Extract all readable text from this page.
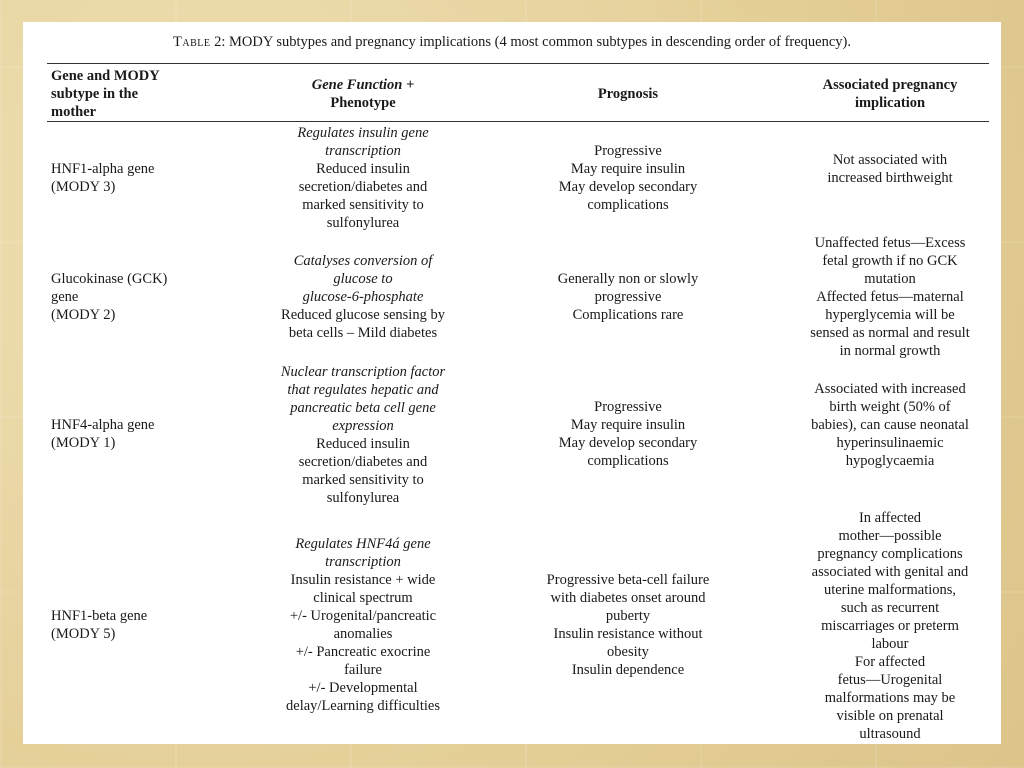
Table 2: MODY subtypes and pregnancy implications (4 most common subtypes in descending order of frequency).
Gene and MODY
subtype in the
mother
Gene Function +
Phenotype
Prognosis
Associated pregnancy
implication
HNF1-alpha gene
(MODY 3)
Regulates insulin gene
transcription
Reduced insulin
secretion/diabetes and
marked sensitivity to
sulfonylurea
Progressive
May require insulin
May develop secondary
complications
Not associated with
increased birthweight
Glucokinase (GCK)
gene
(MODY 2)
Catalyses conversion of
glucose to
glucose-6-phosphate
Reduced glucose sensing by
beta cells – Mild diabetes
Generally non or slowly
progressive
Complications rare
Unaffected fetus—Excess
fetal growth if no GCK
mutation
Affected fetus—maternal
hyperglycemia will be
sensed as normal and result
in normal growth
HNF4-alpha gene
(MODY 1)
Nuclear transcription factor
that regulates hepatic and
pancreatic beta cell gene
expression
Reduced insulin
secretion/diabetes and
marked sensitivity to
sulfonylurea
Progressive
May require insulin
May develop secondary
complications
Associated with increased
birth weight (50% of
babies), can cause neonatal
hyperinsulinaemic
hypoglycaemia
HNF1-beta gene
(MODY 5)
Regulates HNF4á gene
transcription
Insulin resistance + wide
clinical spectrum
+/- Urogenital/pancreatic
anomalies
+/- Pancreatic exocrine
failure
+/- Developmental
delay/Learning difficulties
Progressive beta-cell failure
with diabetes onset around
puberty
Insulin resistance without
obesity
Insulin dependence
In affected
mother—possible
pregnancy complications
associated with genital and
uterine malformations,
such as recurrent
miscarriages or preterm
labour
For affected
fetus—Urogenital
malformations may be
visible on prenatal
ultrasound
